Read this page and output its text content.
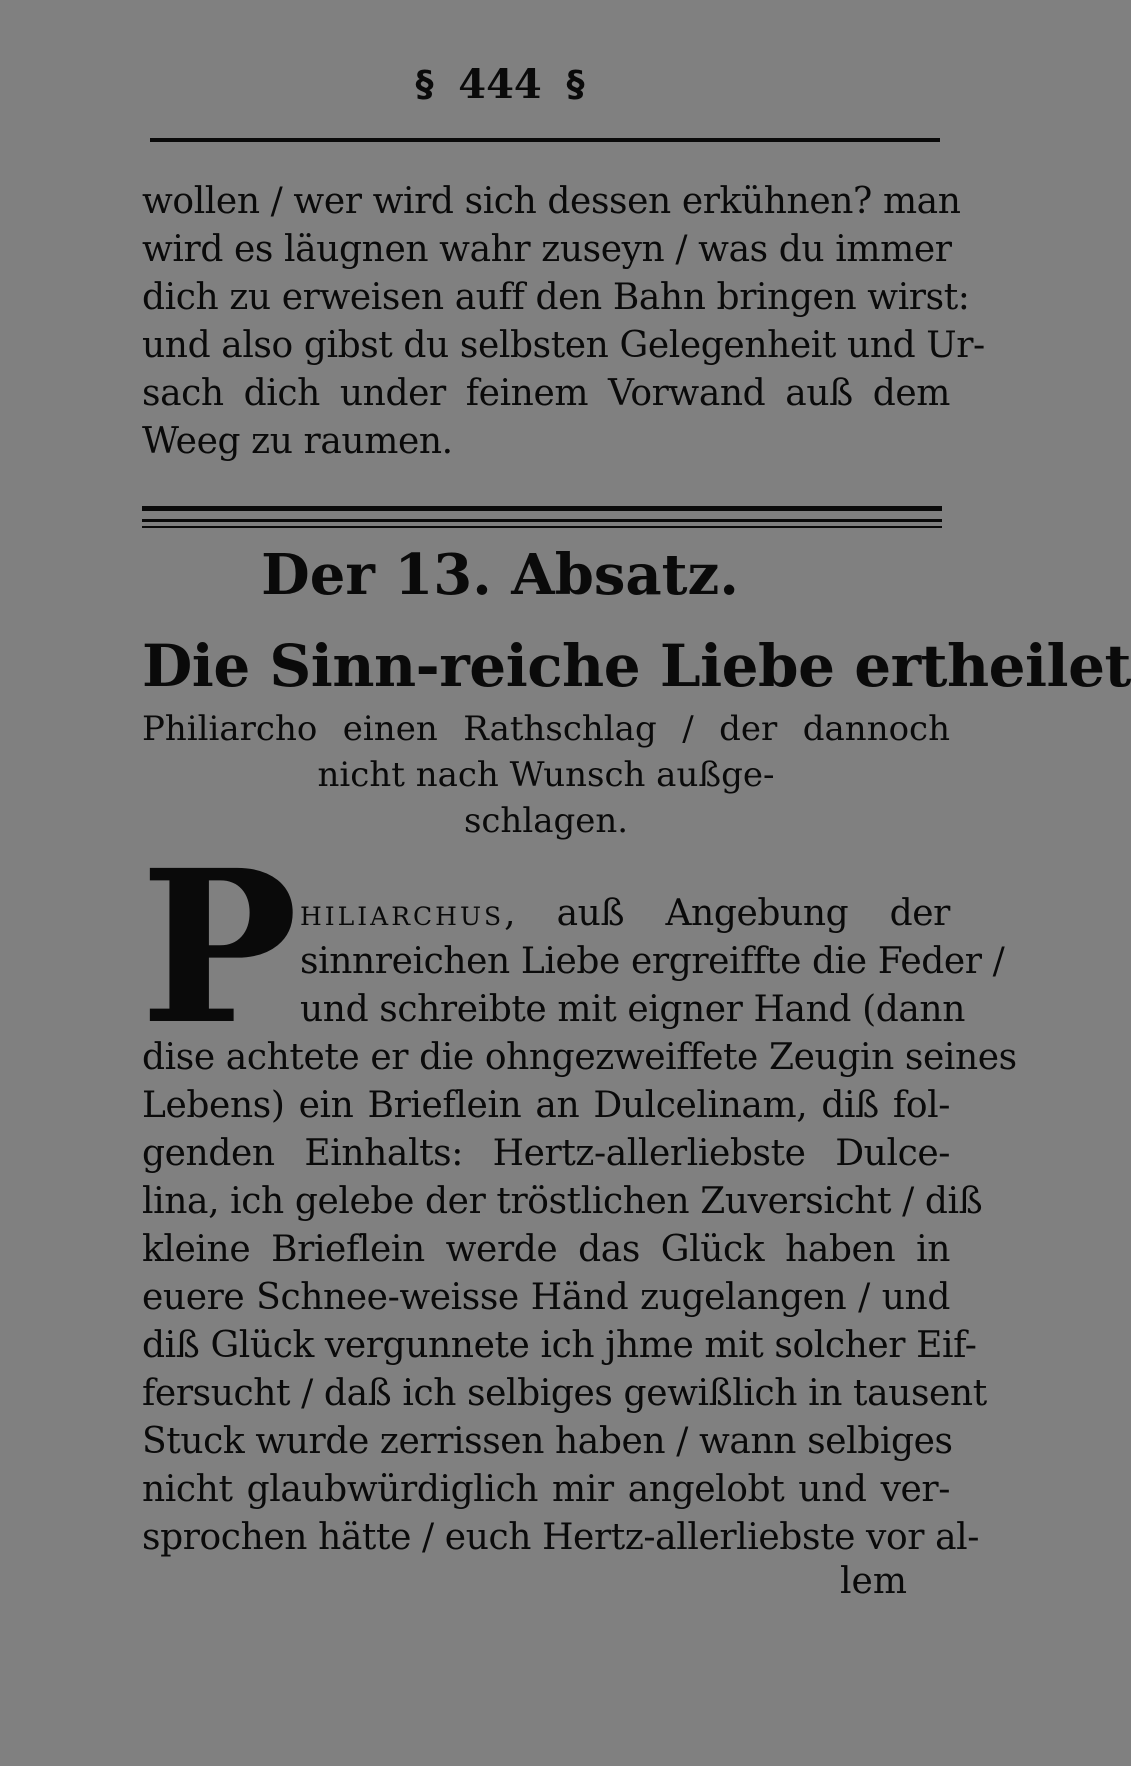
§ 444 §
wollen / wer wird sich dessen erkühnen? man
wird es läugnen wahr zuseyn / was du immer
dich zu erweisen auff den Bahn bringen wirst:
und also gibst du selbsten Gelegenheit und Ur-
sach dich under feinem Vorwand auß dem
Weeg zu raumen.
Der 13. Absatz.
Die Sinn-reiche Liebe ertheilet
Philiarcho einen Rathschlag / der dannoch
nicht nach Wunsch außge-
schlagen.
P hiliarchus, auß Angebung der
sinnreichen Liebe ergreiffte die Feder /
und schreibte mit eigner Hand (dann
dise achtete er die ohngezweiffete Zeugin seines
Lebens) ein Brieflein an Dulcelinam, diß fol-
genden Einhalts: Hertz-allerliebste Dulce-
lina, ich gelebe der tröstlichen Zuversicht / diß
kleine Brieflein werde das Glück haben in
euere Schnee-weisse Händ zugelangen / und
diß Glück vergunnete ich jhme mit solcher Eif-
fersucht / daß ich selbiges gewißlich in tausent
Stuck wurde zerrissen haben / wann selbiges
nicht glaubwürdiglich mir angelobt und ver-
sprochen hätte / euch Hertz-allerliebste vor al-
lem
